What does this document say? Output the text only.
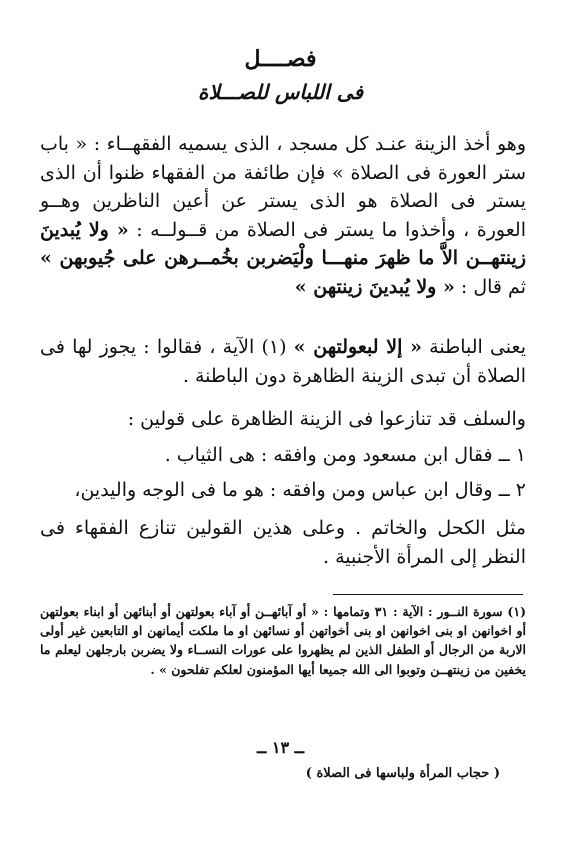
فصــــل
فى اللباس للصـــلاة
وهو أخذ الزينة عنـد كل مسجد ، الذى يسميه الفقهــاء : « باب ستر العورة فى الصلاة » فإن طائفة من الفقهاء ظنوا أن الذى يستر فى الصلاة هو الذى يستر عن أعين الناظرين وهــو العورة ، وأخذوا ما يستر فى الصلاة من قــولــه : « ولا يُبدينَ زينتهــن الاَّ ما ظهرَ منهـــا ولْيَضربن بخُمــرهن على جُيوبهن » ثم قال : « ولا يُبدينَ زينتهن »
يعنى الباطنة « إلا لبعولتهن » (١) الآية ، فقالوا : يجوز لها فى الصلاة أن تبدى الزينة الظاهرة دون الباطنة .
والسلف قد تنازعوا فى الزينة الظاهرة على قولين :
١ ــ فقال ابن مسعود ومن وافقه : هى الثياب .
٢ ــ وقال ابن عباس ومن وافقه : هو ما فى الوجه واليدين،
مثل الكحل والخاتم . وعلى هذين القولين تنازع الفقهاء فى النظر إلى المرأة الأجنبية .
(١) سورة النــور : الآية : ٣١ وتمامها : « أو آبائهــن أو آباء بعولتهن أو أبنائهن أو ابناء بعولتهن أو اخوانهن او بنى اخوانهن او بنى أخواتهن أو نسائهن او ما ملكت أيمانهن او التابعين غير أولى الاربة من الرجال أو الطفل الذين لم يظهروا على عورات النســاء ولا يضربن بارجلهن ليعلم ما يخفين من زينتهــن وتوبوا الى الله جميعا أيها المؤمنون لعلكم تفلحون » .
ــ ١٣ ــ
( حجاب المرأة ولباسها فى الصلاة )
